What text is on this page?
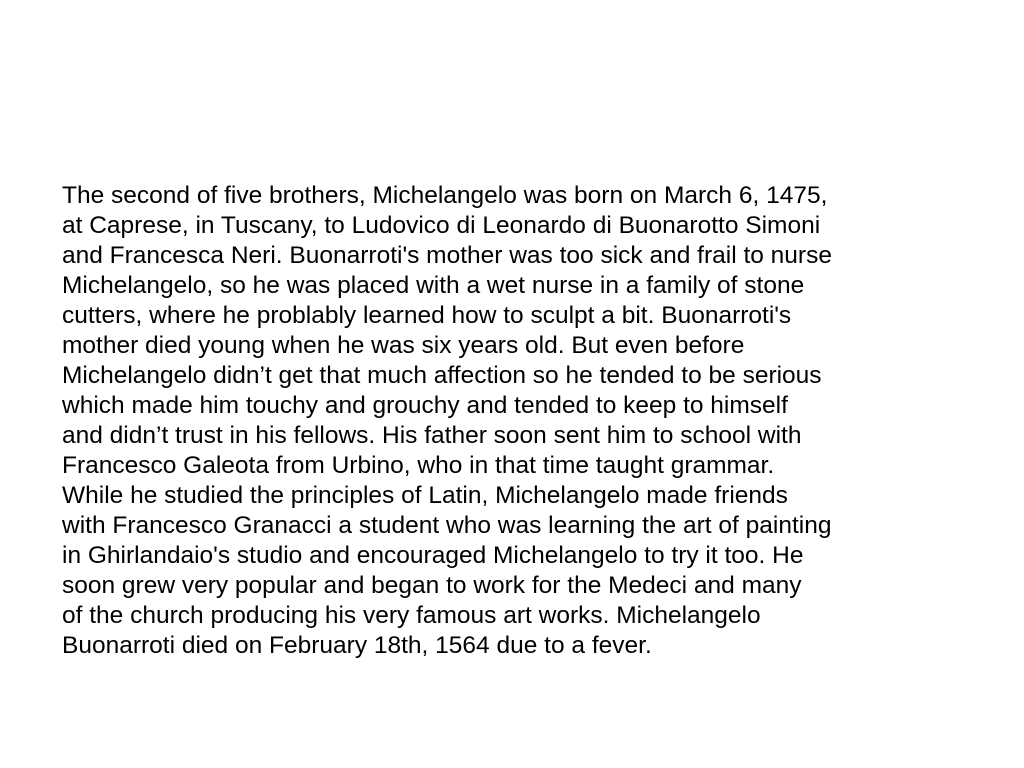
The second of five brothers, Michelangelo was born on March 6, 1475,
at Caprese, in Tuscany, to Ludovico di Leonardo di Buonarotto Simoni
and Francesca Neri. Buonarroti's mother was too sick and frail to nurse
Michelangelo, so he was placed with a wet nurse in a family of stone
cutters, where he problably learned how to sculpt a bit. Buonarroti's
mother died young when he was six years old. But even before
Michelangelo didn’t get that much affection so he tended to be serious
which made him touchy and grouchy and tended to keep to himself
and didn’t trust in his fellows. His father soon sent him to school with
Francesco Galeota from Urbino, who in that time taught grammar.
While he studied the principles of Latin, Michelangelo made friends
with Francesco Granacci a student who was learning the art of painting
in Ghirlandaio's studio and encouraged Michelangelo to try it too. He
soon grew very popular and began to work for the Medeci and many
of the church producing his very famous art works. Michelangelo
Buonarroti died on February 18th, 1564 due to a fever.
